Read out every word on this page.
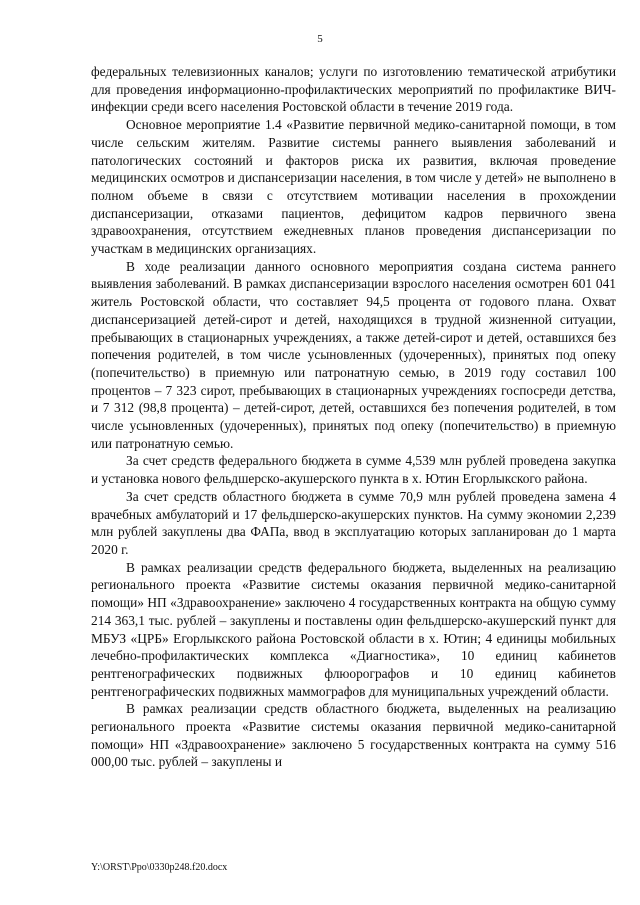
5

федеральных телевизионных каналов; услуги по изготовлению тематической атрибутики для проведения информационно-профилактических мероприятий по профилактике ВИЧ-инфекции среди всего населения Ростовской области в течение 2019 года.

Основное мероприятие 1.4 «Развитие первичной медико-санитарной помощи, в том числе сельским жителям. Развитие системы раннего выявления заболеваний и патологических состояний и факторов риска их развития, включая проведение медицинских осмотров и диспансеризации населения, в том числе у детей» не выполнено в полном объеме в связи с отсутствием мотивации населения в прохождении диспансеризации, отказами пациентов, дефицитом кадров первичного звена здравоохранения, отсутствием ежедневных планов проведения диспансеризации по участкам в медицинских организациях.

В ходе реализации данного основного мероприятия создана система раннего выявления заболеваний. В рамках диспансеризации взрослого населения осмотрен 601 041 житель Ростовской области, что составляет 94,5 процента от годового плана. Охват диспансеризацией детей-сирот и детей, находящихся в трудной жизненной ситуации, пребывающих в стационарных учреждениях, а также детей-сирот и детей, оставшихся без попечения родителей, в том числе усыновленных (удочеренных), принятых под опеку (попечительство) в приемную или патронатную семью, в 2019 году составил 100 процентов – 7 323 сирот, пребывающих в стационарных учреждениях госпосреди детства, и 7 312 (98,8 процента) – детей-сирот, детей, оставшихся без попечения родителей, в том числе усыновленных (удочеренных), принятых под опеку (попечительство) в приемную или патронатную семью.

За счет средств федерального бюджета в сумме 4,539 млн рублей проведена закупка и установка нового фельдшерско-акушерского пункта в х. Ютин Егорлыкского района.

За счет средств областного бюджета в сумме 70,9 млн рублей проведена замена 4 врачебных амбулаторий и 17 фельдшерско-акушерских пунктов. На сумму экономии 2,239 млн рублей закуплены два ФАПа, ввод в эксплуатацию которых запланирован до 1 марта 2020 г.

В рамках реализации средств федерального бюджета, выделенных на реализацию регионального проекта «Развитие системы оказания первичной медико-санитарной помощи» НП «Здравоохранение» заключено 4 государственных контракта на общую сумму 214 363,1 тыс. рублей – закуплены и поставлены один фельдшерско-акушерский пункт для МБУЗ «ЦРБ» Егорлыкского района Ростовской области в х. Ютин; 4 единицы мобильных лечебно-профилактических комплекса «Диагностика», 10 единиц кабинетов рентгенографических подвижных флюорографов и 10 единиц кабинетов рентгенографических подвижных маммографов для муниципальных учреждений области.

В рамках реализации средств областного бюджета, выделенных на реализацию регионального проекта «Развитие системы оказания первичной медико-санитарной помощи» НП «Здравоохранение» заключено 5 государственных контракта на сумму 516 000,00 тыс. рублей – закуплены и

Y:\ORST\Ppo\0330p248.f20.docx
